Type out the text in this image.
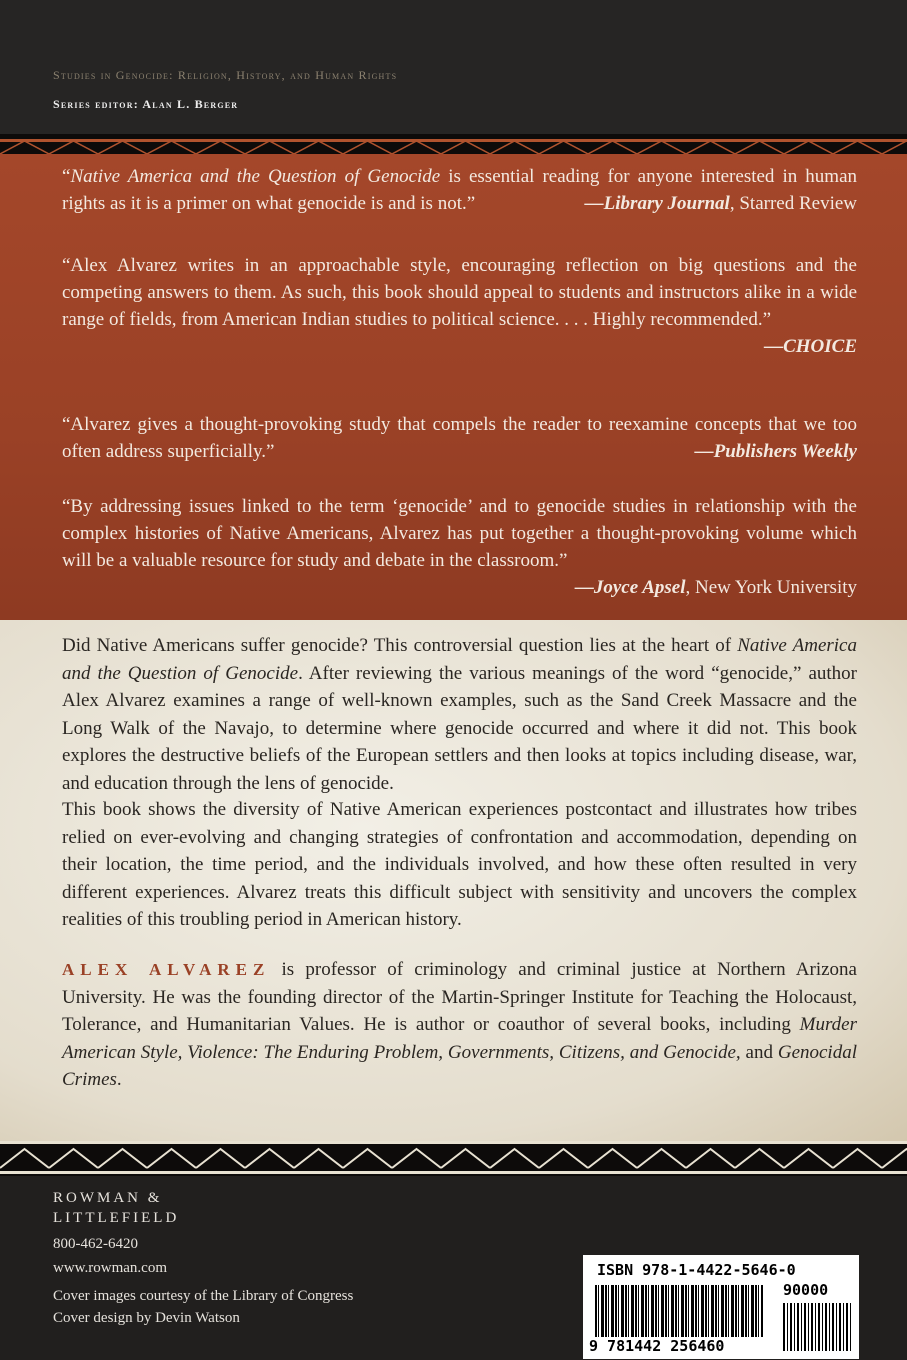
Studies in Genocide: Religion, History, and Human Rights
Series editor: Alan L. Berger
“Native America and the Question of Genocide is essential reading for anyone interested in human rights as it is a primer on what genocide is and is not.”	—Library Journal, Starred Review
“Alex Alvarez writes in an approachable style, encouraging reflection on big questions and the competing answers to them. As such, this book should appeal to students and instructors alike in a wide range of fields, from American Indian studies to political science. . . . Highly recommended.”
—CHOICE
“Alvarez gives a thought-provoking study that compels the reader to reexamine concepts that we too often address superficially.”	—Publishers Weekly
“By addressing issues linked to the term ‘genocide’ and to genocide studies in relationship with the complex histories of Native Americans, Alvarez has put together a thought-provoking volume which will be a valuable resource for study and debate in the classroom.”
—Joyce Apsel, New York University
Did Native Americans suffer genocide? This controversial question lies at the heart of Native America and the Question of Genocide. After reviewing the various meanings of the word “genocide,” author Alex Alvarez examines a range of well-known examples, such as the Sand Creek Massacre and the Long Walk of the Navajo, to determine where genocide occurred and where it did not. This book explores the destructive beliefs of the European settlers and then looks at topics including disease, war, and education through the lens of genocide.
This book shows the diversity of Native American experiences postcontact and illustrates how tribes relied on ever-evolving and changing strategies of confrontation and accommodation, depending on their location, the time period, and the individuals involved, and how these often resulted in very different experiences. Alvarez treats this difficult subject with sensitivity and uncovers the complex realities of this troubling period in American history.
ALEX ALVAREZ is professor of criminology and criminal justice at Northern Arizona University. He was the founding director of the Martin-Springer Institute for Teaching the Holocaust, Tolerance, and Humanitarian Values. He is author or coauthor of several books, including Murder American Style, Violence: The Enduring Problem, Governments, Citizens, and Genocide, and Genocidal Crimes.
ROWMAN &
LITTLEFIELD
800-462-6420
www.rowman.com
Cover images courtesy of the Library of Congress
Cover design by Devin Watson
ISBN 978-1-4422-5646-0
90000
9 781442 256460
